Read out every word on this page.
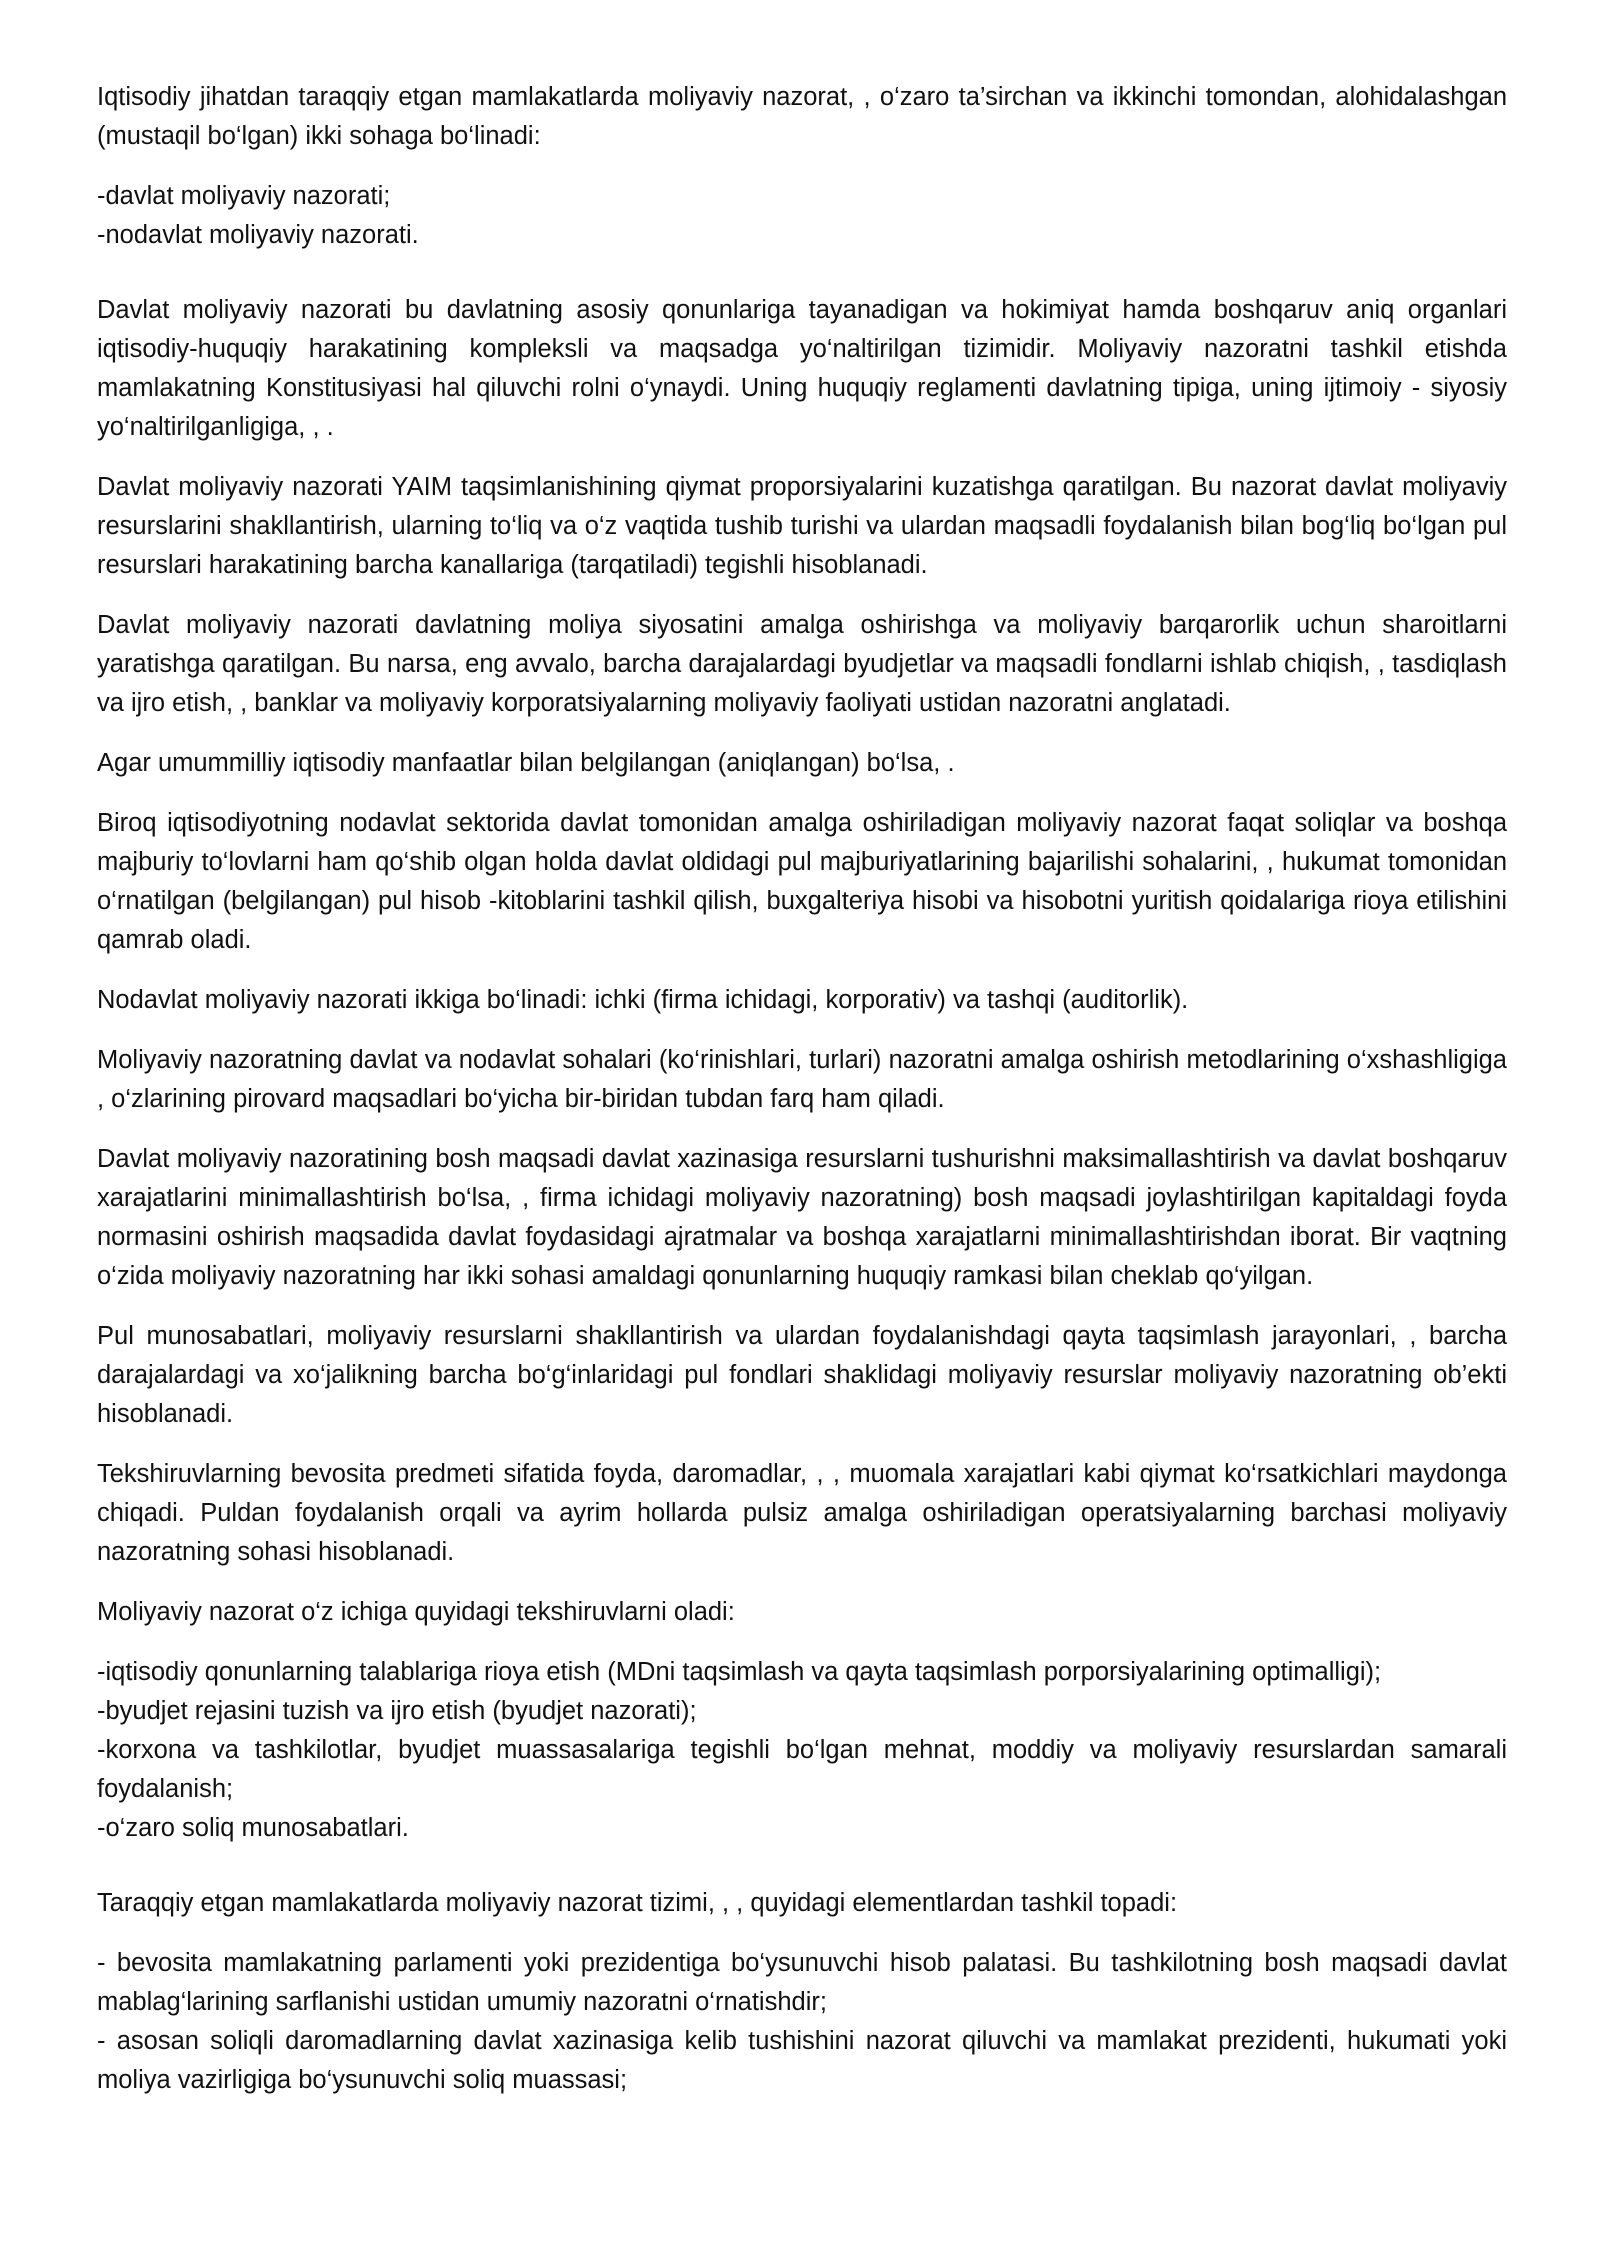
Iqtisodiy jihatdan taraqqiy etgan mamlakatlarda moliyaviy nazorat, , o‘zaro ta’sirchan va ikkinchi tomondan, alohidalashgan (mustaqil bo‘lgan) ikki sohaga bo‘linadi:

-davlat moliyaviy nazorati;
-nodavlat moliyaviy nazorati.

Davlat moliyaviy nazorati bu davlatning asosiy qonunlariga tayanadigan va hokimiyat hamda boshqaruv aniq organlari iqtisodiy-huquqiy harakatining kompleksli va maqsadga yo‘naltirilgan tizimidir. Moliyaviy nazoratni tashkil etishda mamlakatning Konstitusiyasi hal qiluvchi rolni o‘ynaydi. Uning huquqiy reglamenti davlatning tipiga, uning ijtimoiy - siyosiy yo‘naltirilganligiga, , .

Davlat moliyaviy nazorati YAIM taqsimlanishining qiymat proporsiyalarini kuzatishga qaratilgan. Bu nazorat davlat moliyaviy resurslarini shakllantirish, ularning to‘liq va o‘z vaqtida tushib turishi va ulardan maqsadli foydalanish bilan bog‘liq bo‘lgan pul resurslari harakatining barcha kanallariga (tarqatiladi) tegishli hisoblanadi.

Davlat moliyaviy nazorati davlatning moliya siyosatini amalga oshirishga va moliyaviy barqarorlik uchun sharoitlarni yaratishga qaratilgan. Bu narsa, eng avvalo, barcha darajalardagi byudjetlar va maqsadli fondlarni ishlab chiqish, , tasdiqlash va ijro etish, , banklar va moliyaviy korporatsiyalarning moliyaviy faoliyati ustidan nazoratni anglatadi.

Agar umummilliy iqtisodiy manfaatlar bilan belgilangan (aniqlangan) bo‘lsa, .

Biroq iqtisodiyotning nodavlat sektorida davlat tomonidan amalga oshiriladigan moliyaviy nazorat faqat soliqlar va boshqa majburiy to‘lovlarni ham qo‘shib olgan holda davlat oldidagi pul majburiyatlarining bajarilishi sohalarini, , hukumat tomonidan o‘rnatilgan (belgilangan) pul hisob -kitoblarini tashkil qilish, buxgalteriya hisobi va hisobotni yuritish qoidalariga rioya etilishini qamrab oladi.

Nodavlat moliyaviy nazorati ikkiga bo‘linadi: ichki (firma ichidagi, korporativ) va tashqi (auditorlik).

Moliyaviy nazoratning davlat va nodavlat sohalari (ko‘rinishlari, turlari) nazoratni amalga oshirish metodlarining o‘xshashligiga , o‘zlarining pirovard maqsadlari bo‘yicha bir-biridan tubdan farq ham qiladi.

Davlat moliyaviy nazoratining bosh maqsadi davlat xazinasiga resurslarni tushurishni maksimallashtirish va davlat boshqaruv xarajatlarini minimallashtirish bo‘lsa, , firma ichidagi moliyaviy nazoratning) bosh maqsadi joylashtirilgan kapitaldagi foyda normasini oshirish maqsadida davlat foydasidagi ajratmalar va boshqa xarajatlarni minimallashtirishdan iborat. Bir vaqtning o‘zida moliyaviy nazoratning har ikki sohasi amaldagi qonunlarning huquqiy ramkasi bilan cheklab qo‘yilgan.

Pul munosabatlari, moliyaviy resurslarni shakllantirish va ulardan foydalanishdagi qayta taqsimlash jarayonlari, , barcha darajalardagi va xo‘jalikning barcha bo‘g‘inlaridagi pul fondlari shaklidagi moliyaviy resurslar moliyaviy nazoratning ob’ekti hisoblanadi.

Tekshiruvlarning bevosita predmeti sifatida foyda, daromadlar, , , muomala xarajatlari kabi qiymat ko‘rsatkichlari maydonga chiqadi. Puldan foydalanish orqali va ayrim hollarda pulsiz amalga oshiriladigan operatsiyalarning barchasi moliyaviy nazoratning sohasi hisoblanadi.

Moliyaviy nazorat o‘z ichiga quyidagi tekshiruvlarni oladi:

-iqtisodiy qonunlarning talablariga rioya etish (MDni taqsimlash va qayta taqsimlash porporsiyalarining optimalligi);
-byudjet rejasini tuzish va ijro etish (byudjet nazorati);
-korxona va tashkilotlar, byudjet muassasalariga tegishli bo‘lgan mehnat, moddiy va moliyaviy resurslardan samarali foydalanish;
-o‘zaro soliq munosabatlari.

Taraqqiy etgan mamlakatlarda moliyaviy nazorat tizimi, , , quyidagi elementlardan tashkil topadi:

- bevosita mamlakatning parlamenti yoki prezidentiga bo‘ysunuvchi hisob palatasi. Bu tashkilotning bosh maqsadi davlat mablag‘larining sarflanishi ustidan umumiy nazoratni o‘rnatishdir;
- asosan soliqli daromadlarning davlat xazinasiga kelib tushishini nazorat qiluvchi va mamlakat prezidenti, hukumati yoki moliya vazirligiga bo‘ysunuvchi soliq muassasi;
